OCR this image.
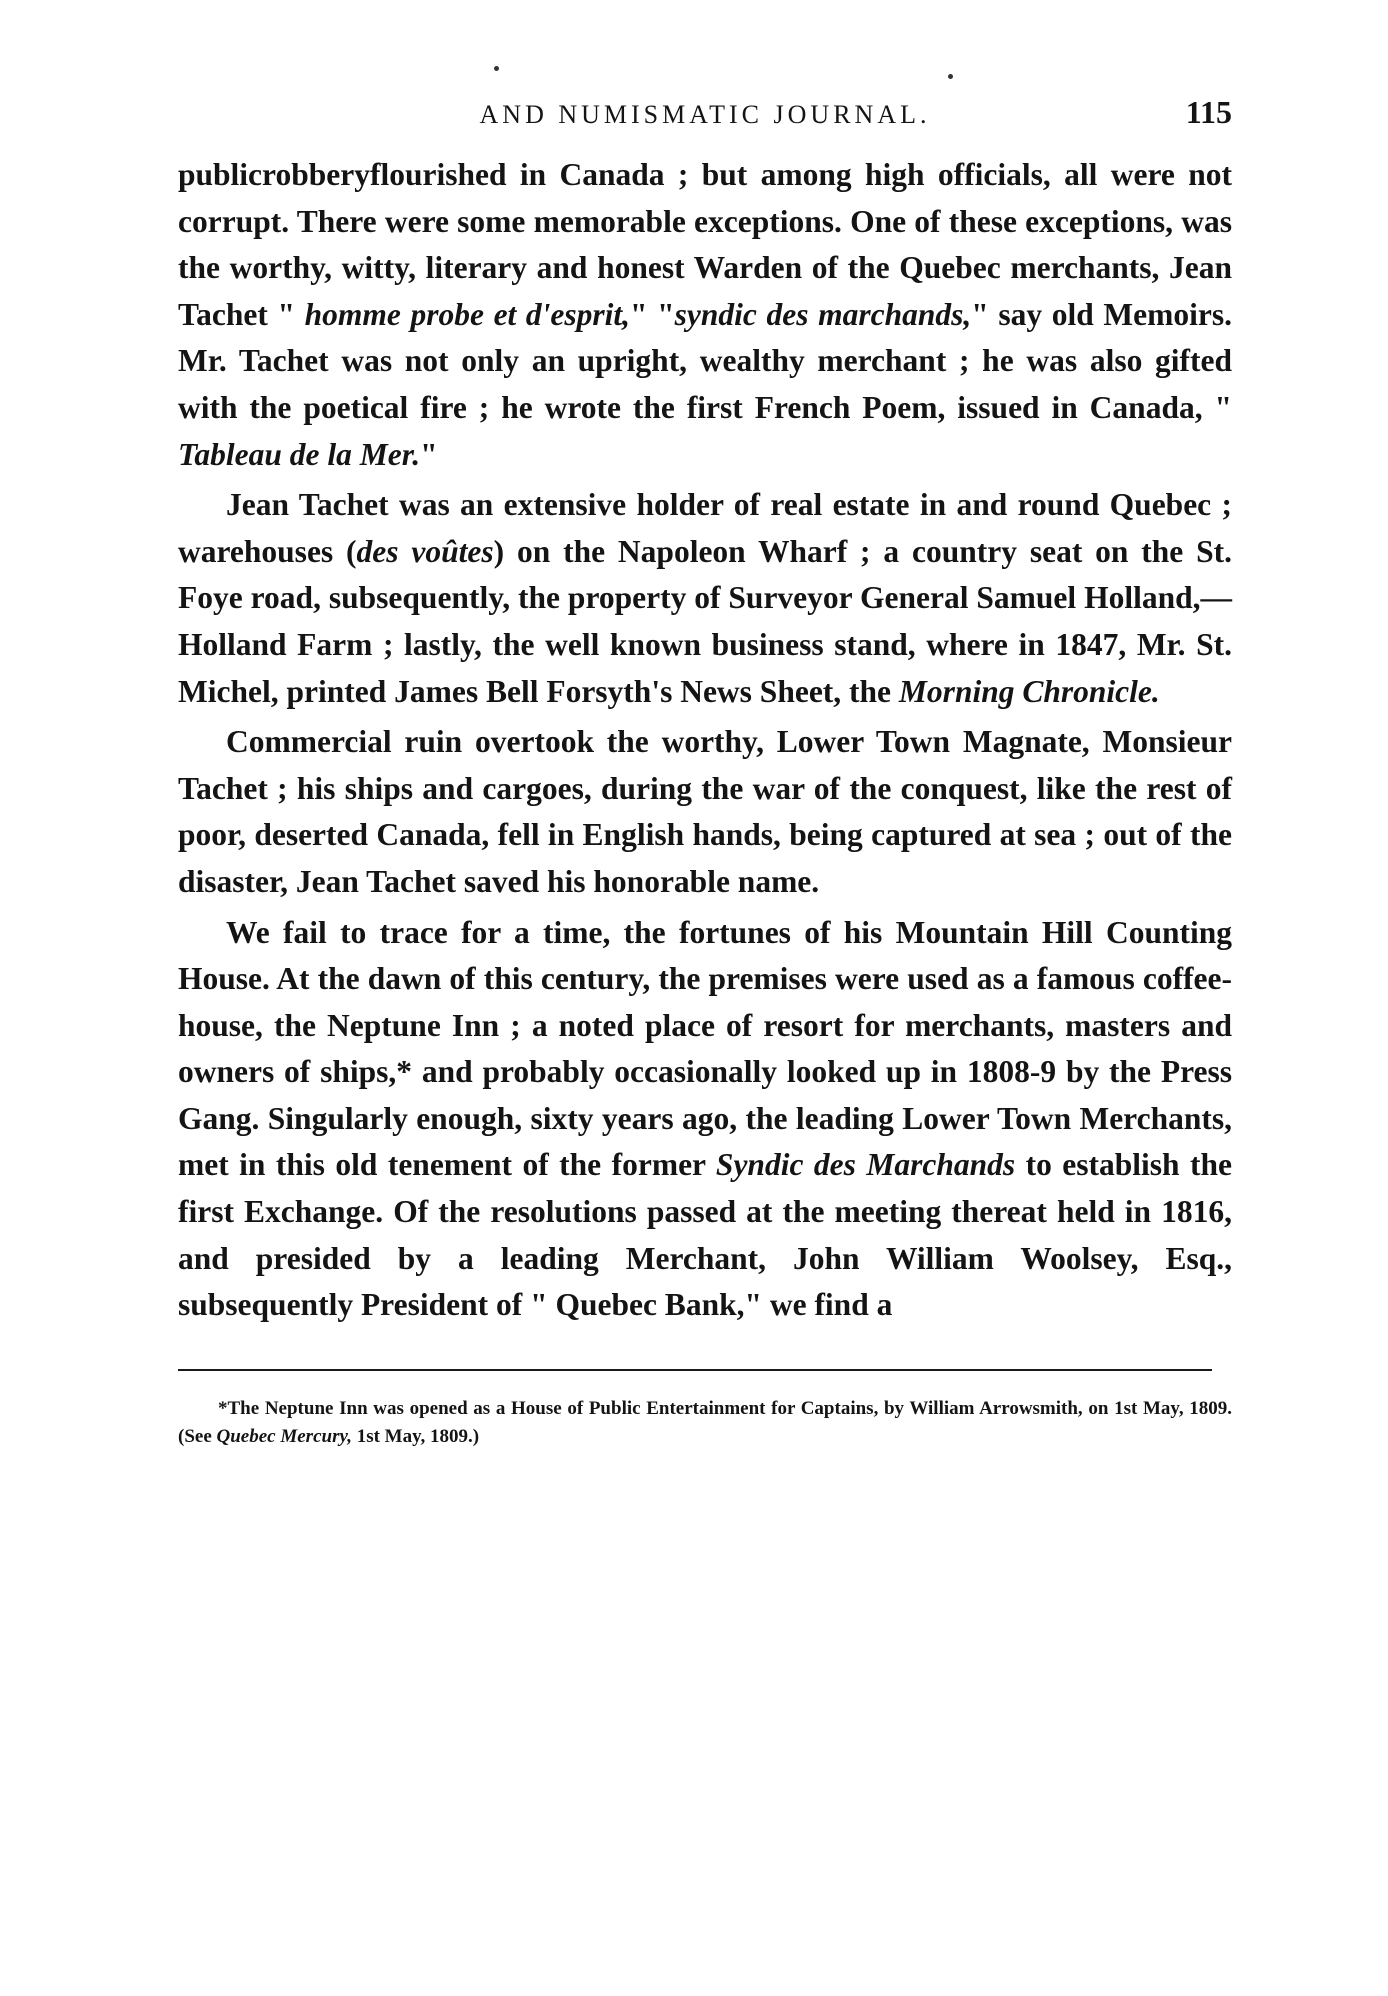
AND NUMISMATIC JOURNAL.	115

publicrobberyflourished in Canada ; but among high officials, all were not corrupt. There were some memorable exceptions. One of these exceptions, was the worthy, witty, literary and honest Warden of the Quebec merchants, Jean Tachet " homme probe et d'esprit," "syndic des marchands," say old Memoirs. Mr. Tachet was not only an upright, wealthy merchant ; he was also gifted with the poetical fire ; he wrote the first French Poem, issued in Canada, " Tableau de la Mer."

Jean Tachet was an extensive holder of real estate in and round Quebec ; warehouses (des voûtes) on the Napoleon Wharf ; a country seat on the St. Foye road, subsequently, the property of Surveyor General Samuel Holland,—Holland Farm ; lastly, the well known business stand, where in 1847, Mr. St. Michel, printed James Bell Forsyth's News Sheet, the Morning Chronicle.

Commercial ruin overtook the worthy, Lower Town Magnate, Monsieur Tachet ; his ships and cargoes, during the war of the conquest, like the rest of poor, deserted Canada, fell in English hands, being captured at sea ; out of the disaster, Jean Tachet saved his honorable name.

We fail to trace for a time, the fortunes of his Mountain Hill Counting House. At the dawn of this century, the premises were used as a famous coffee-house, the Neptune Inn ; a noted place of resort for merchants, masters and owners of ships,* and probably occasionally looked up in 1808-9 by the Press Gang. Singularly enough, sixty years ago, the leading Lower Town Merchants, met in this old tenement of the former Syndic des Marchands to establish the first Exchange. Of the resolutions passed at the meeting thereat held in 1816, and presided by a leading Merchant, John William Woolsey, Esq., subsequently President of " Quebec Bank," we find a

*The Neptune Inn was opened as a House of Public Entertainment for Captains, by William Arrowsmith, on 1st May, 1809. (See Quebec Mercury, 1st May, 1809.)
